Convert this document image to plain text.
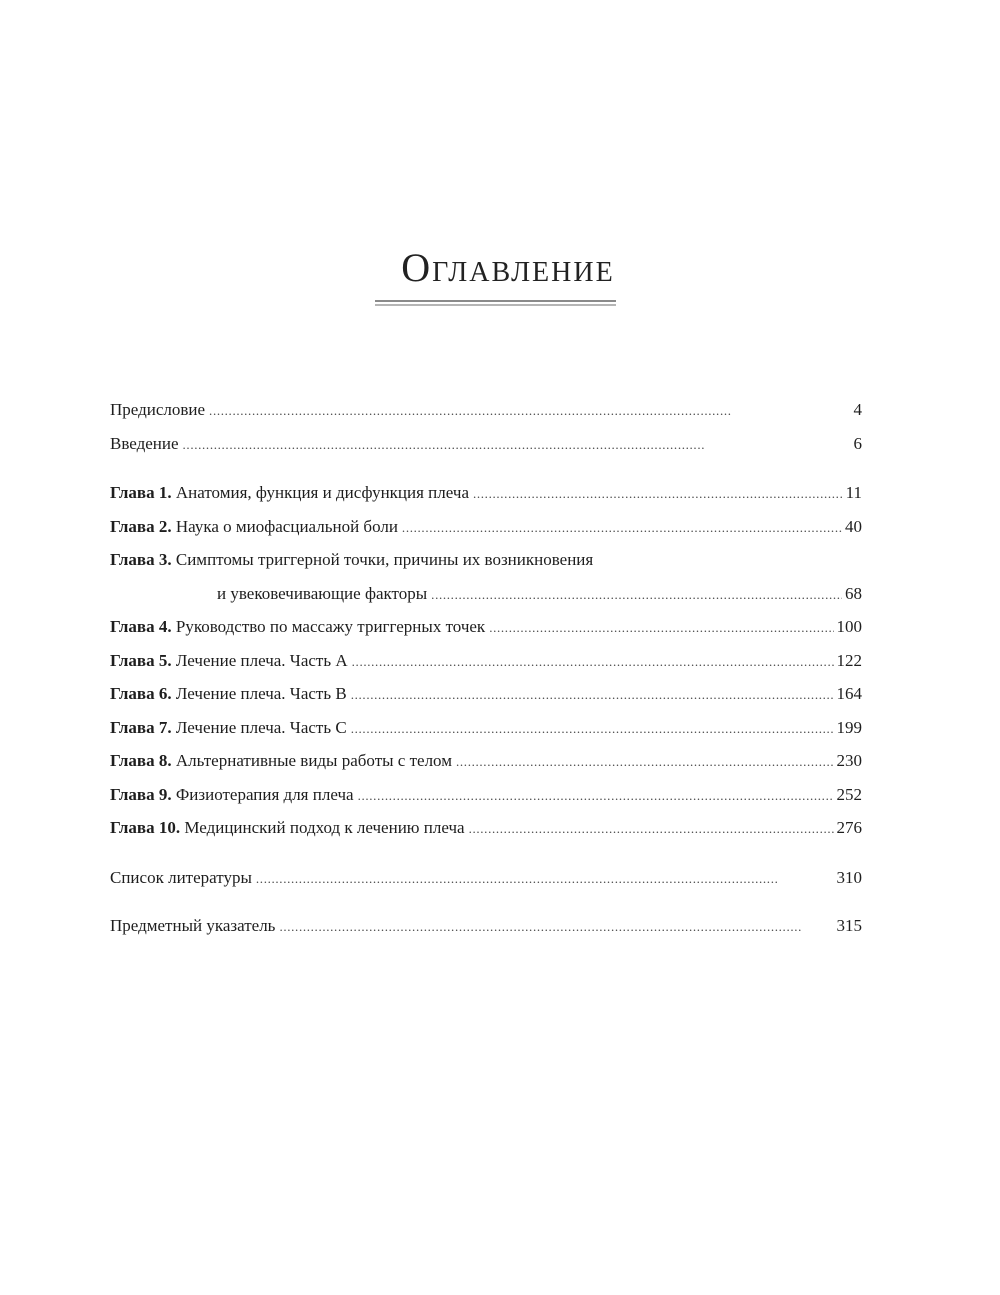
Оглавление
Предисловие . . .	4
Введение . . .	6
Глава 1. Анатомия, функция и дисфункция плеча . . .	11
Глава 2. Наука о миофасциальной боли . . .	40
Глава 3. Симптомы триггерной точки, причины их возникновения
и увековечивающие факторы . . .	68
Глава 4. Руководство по массажу триггерных точек . . .	100
Глава 5. Лечение плеча. Часть А . . .	122
Глава 6. Лечение плеча. Часть В . . .	164
Глава 7. Лечение плеча. Часть С . . .	199
Глава 8. Альтернативные виды работы с телом . . .	230
Глава 9. Физиотерапия для плеча . . .	252
Глава 10. Медицинский подход к лечению плеча . . .	276
Список литературы . . .	310
Предметный указатель . . .	315
